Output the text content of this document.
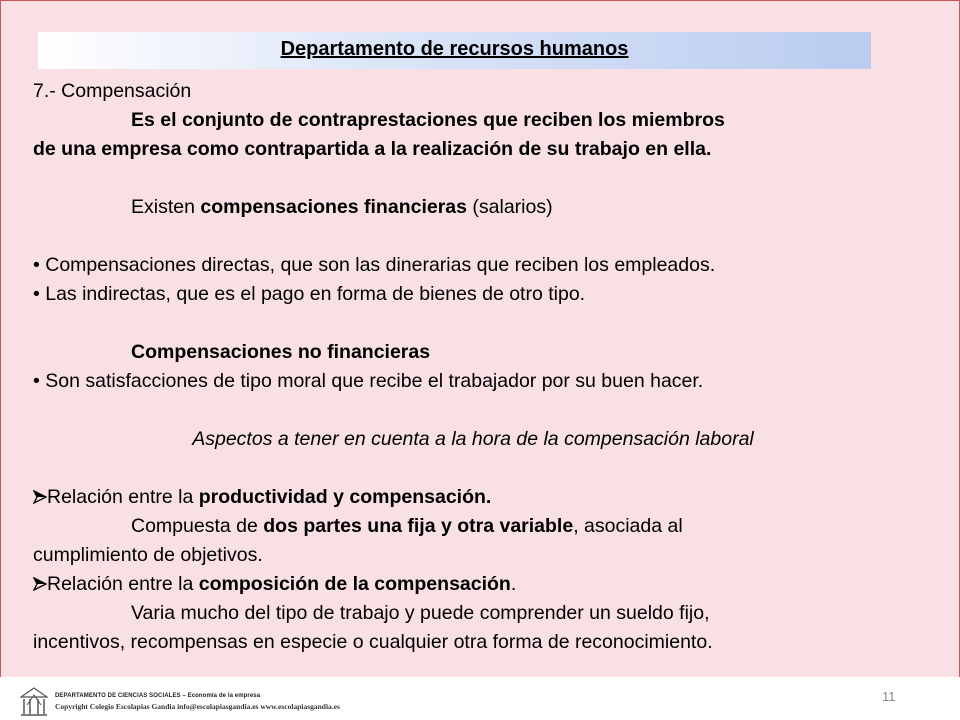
Departamento de recursos humanos
7.- Compensación
Es el conjunto de contraprestaciones que reciben los miembros
de una empresa como contrapartida a la realización de su trabajo en ella.
Existen compensaciones financieras (salarios)
• Compensaciones directas, que son las dinerarias que reciben los empleados.
• Las indirectas, que es el pago en forma de bienes de otro tipo.
Compensaciones no financieras
• Son satisfacciones de tipo moral que recibe el trabajador por su buen hacer.
Aspectos a tener en cuenta a la hora de la compensación laboral
Relación entre la productividad y compensación.
Compuesta de dos partes una fija y otra variable, asociada al
cumplimiento de objetivos.
Relación entre la composición de la compensación.
Varia mucho del tipo de trabajo y puede comprender un sueldo fijo,
incentivos, recompensas en especie o cualquier otra forma de reconocimiento.
DEPARTAMENTO DE CIENCIAS SOCIALES – Economía de la empresa
Copyright Colegio Escolapias Gandia info@escolapiasgandia.es www.escolapiasgandia.es
11
